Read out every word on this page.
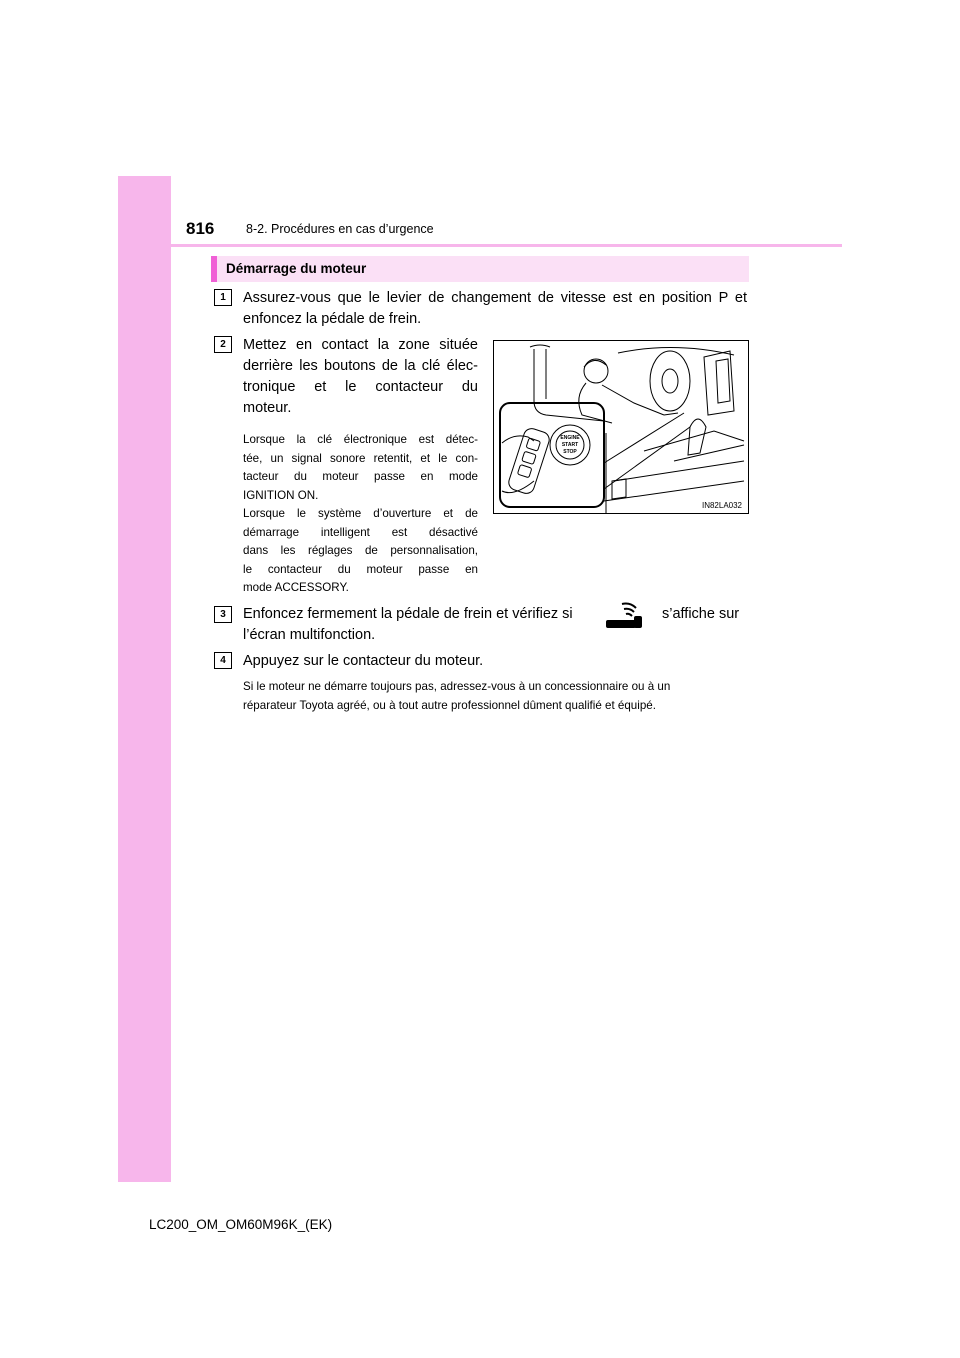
816	8-2. Procédures en cas d’urgence
Démarrage du moteur
1	Assurez-vous que le levier de changement de vitesse est en position P et
enfoncez la pédale de frein.
2	Mettez en contact la zone située
derrière les boutons de la clé élec-
tronique et le contacteur du
moteur.
Lorsque la clé électronique est détec-
tée, un signal sonore retentit, et le con-
tacteur du moteur passe en mode
IGNITION ON.
Lorsque le système d’ouverture et de
démarrage intelligent est désactivé
dans les réglages de personnalisation,
le contacteur du moteur passe en
mode ACCESSORY.
ENGINE
START
STOP
IN82LA032
3	Enfoncez fermement la pédale de frein et vérifiez si	s’affiche sur
l’écran multifonction.
4	Appuyez sur le contacteur du moteur.
Si le moteur ne démarre toujours pas, adressez-vous à un concessionnaire ou à un
réparateur Toyota agréé, ou à tout autre professionnel dûment qualifié et équipé.
LC200_OM_OM60M96K_(EK)
